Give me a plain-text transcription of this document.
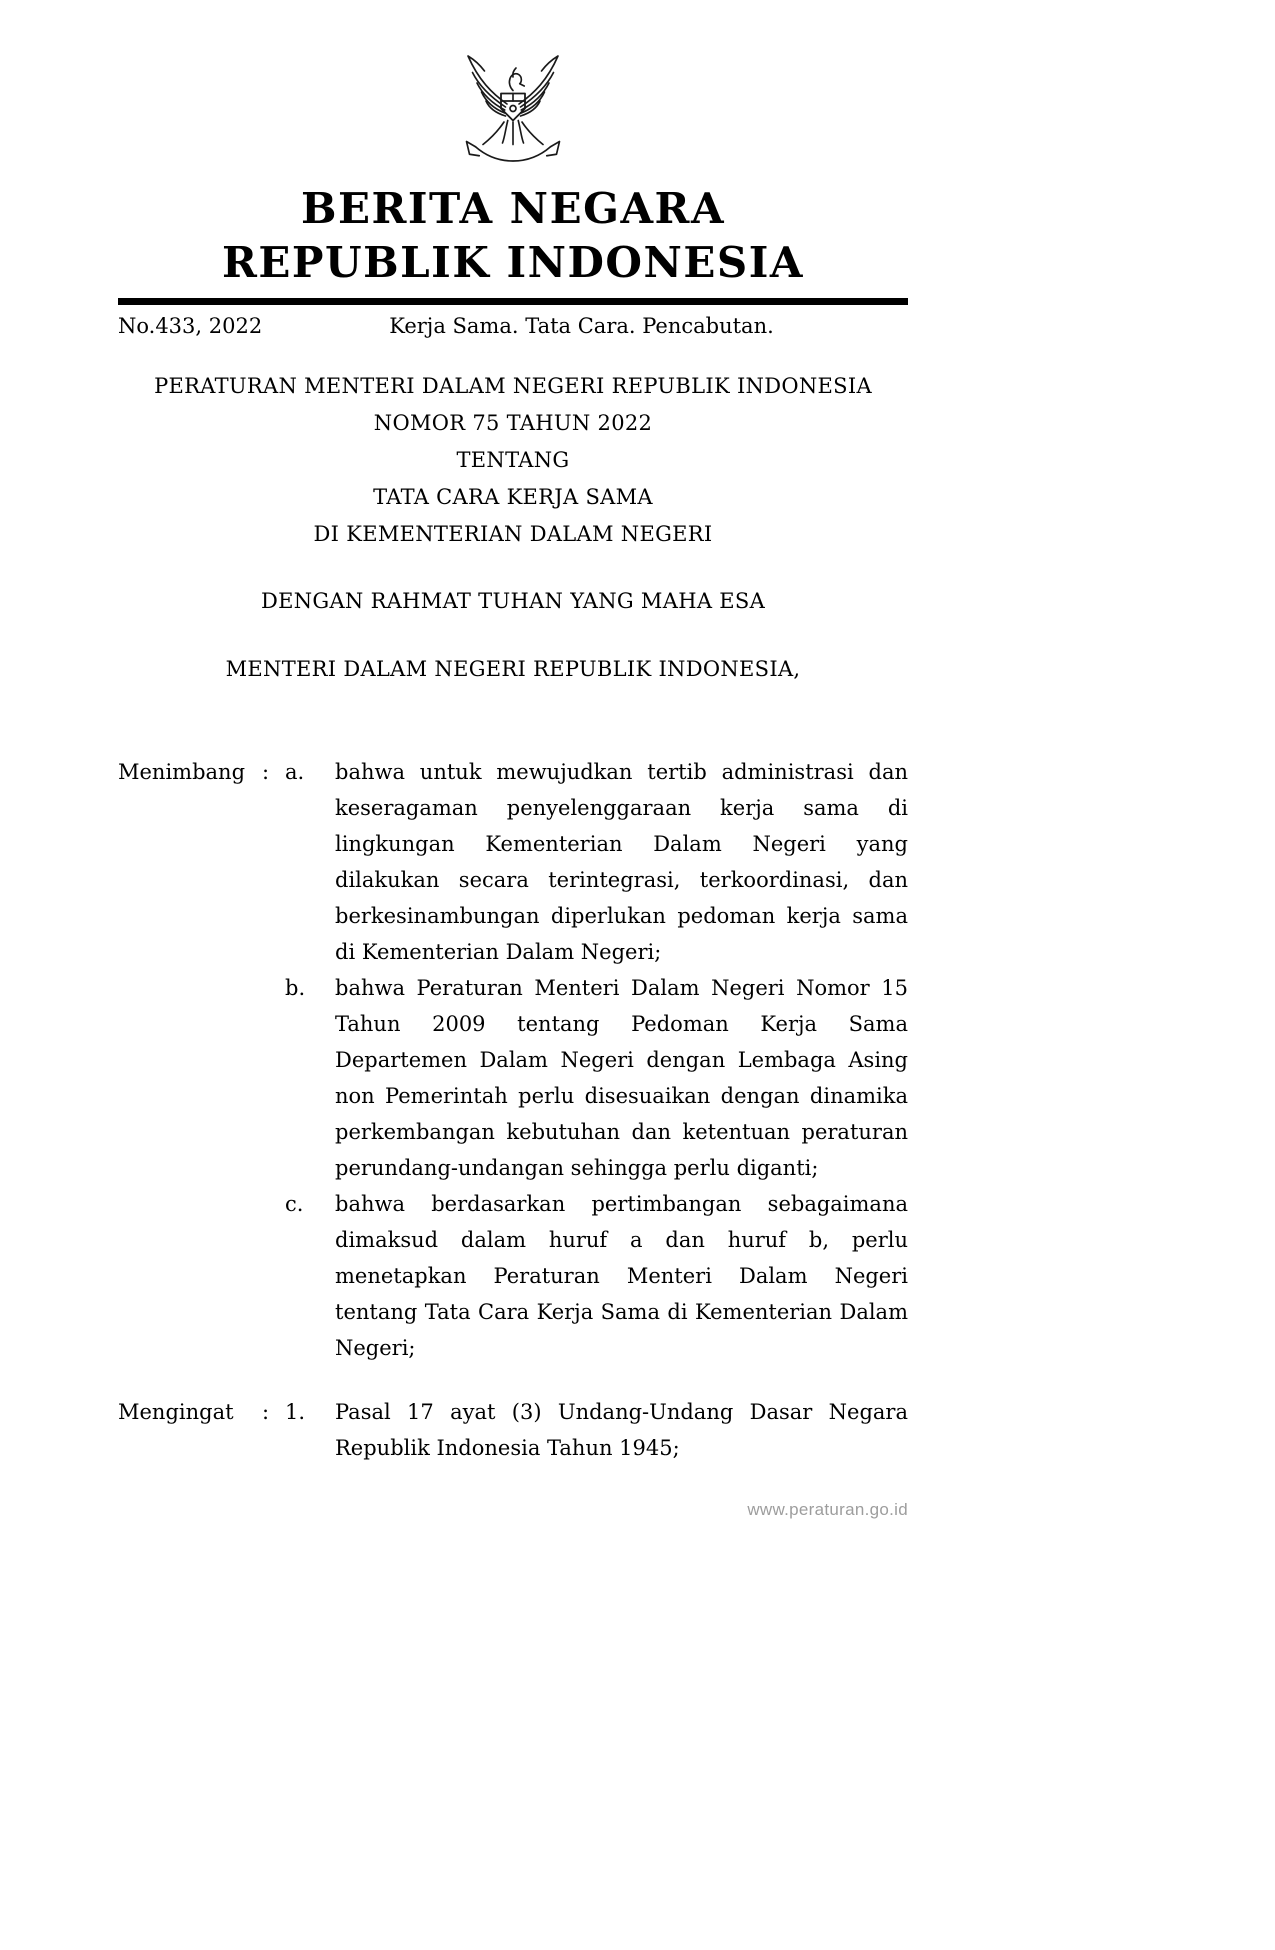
BERITA NEGARA
REPUBLIK INDONESIA
No.433, 2022	Kerja Sama. Tata Cara. Pencabutan.
PERATURAN MENTERI DALAM NEGERI REPUBLIK INDONESIA
NOMOR 75 TAHUN 2022
TENTANG
TATA CARA KERJA SAMA
DI KEMENTERIAN DALAM NEGERI
DENGAN RAHMAT TUHAN YANG MAHA ESA
MENTERI DALAM NEGERI REPUBLIK INDONESIA,
Menimbang : a.	bahwa untuk mewujudkan tertib administrasi dan keseragaman penyelenggaraan kerja sama di lingkungan Kementerian Dalam Negeri yang dilakukan secara terintegrasi, terkoordinasi, dan berkesinambungan diperlukan pedoman kerja sama di Kementerian Dalam Negeri;
b.	bahwa Peraturan Menteri Dalam Negeri Nomor 15 Tahun 2009 tentang Pedoman Kerja Sama Departemen Dalam Negeri dengan Lembaga Asing non Pemerintah perlu disesuaikan dengan dinamika perkembangan kebutuhan dan ketentuan peraturan perundang-undangan sehingga perlu diganti;
c.	bahwa berdasarkan pertimbangan sebagaimana dimaksud dalam huruf a dan huruf b, perlu menetapkan Peraturan Menteri Dalam Negeri tentang Tata Cara Kerja Sama di Kementerian Dalam Negeri;
Mengingat	: 1.	Pasal 17 ayat (3) Undang-Undang Dasar Negara Republik Indonesia Tahun 1945;
www.peraturan.go.id
